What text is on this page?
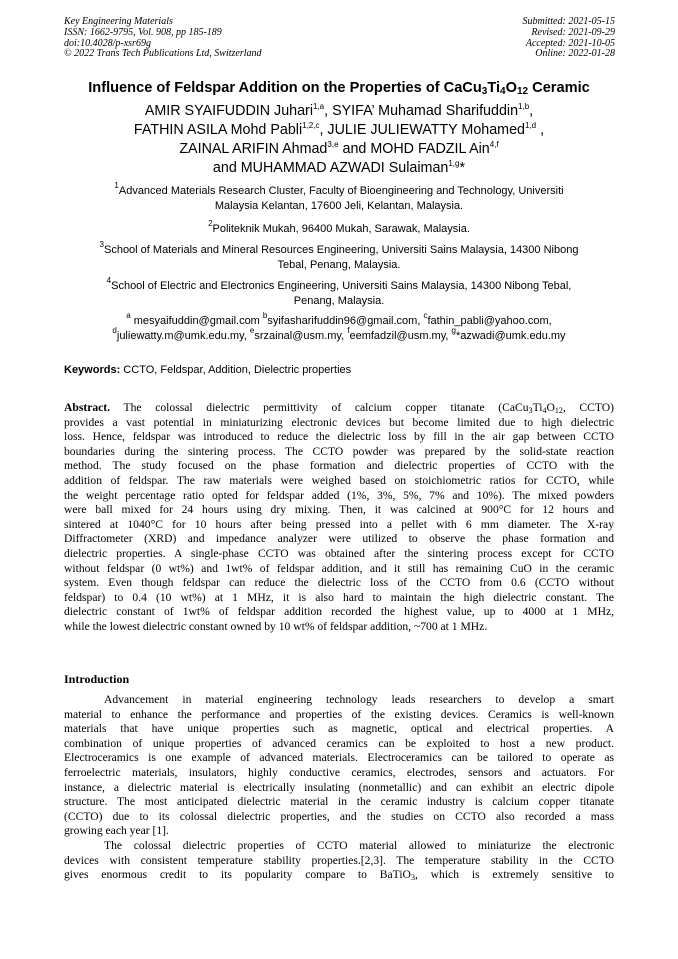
Key Engineering Materials
ISSN: 1662-9795, Vol. 908, pp 185-189
doi:10.4028/p-xsr69g
© 2022 Trans Tech Publications Ltd, Switzerland
Submitted: 2021-05-15
Revised: 2021-09-29
Accepted: 2021-10-05
Online: 2022-01-28
Influence of Feldspar Addition on the Properties of $CaCu_3Ti_4O_{12}$ Ceramic
AMIR SYAIFUDDIN Juhari$^{1,a}$, SYIFA’ Muhamad Sharifuddin$^{1,b}$,
FATHIN ASILA Mohd Pabli$^{1,2,c}$, JULIE JULIEWATTY Mohamed$^{1,d}$ ,
ZAINAL ARIFIN Ahmad$^{3,e}$ and MOHD FADZIL Ain$^{4,f}$
and MUHAMMAD AZWADI Sulaiman$^{1,g}$*
$^1$Advanced Materials Research Cluster, Faculty of Bioengineering and Technology, Universiti
Malaysia Kelantan, 17600 Jeli, Kelantan, Malaysia.
$^2$Politeknik Mukah, 96400 Mukah, Sarawak, Malaysia.
$^3$School of Materials and Mineral Resources Engineering, Universiti Sains Malaysia, 14300 Nibong
Tebal, Penang, Malaysia.
$^4$School of Electric and Electronics Engineering, Universiti Sains Malaysia, 14300 Nibong Tebal,
Penang, Malaysia.
$^a$ mesyaifuddin@gmail.com $^b$syifasharifuddin96@gmail.com, $^c$fathin_pabli@yahoo.com,
$^d$juliewatty.m@umk.edu.my, $^e$srzainal@usm.my, $^f$eemfadzil@usm.my, $^g$*azwadi@umk.edu.my
Keywords: CCTO, Feldspar, Addition, Dielectric properties
Abstract. The colossal dielectric permittivity of calcium copper titanate ($CaCu_3Ti_4O_{12}$, CCTO)
provides a vast potential in miniaturizing electronic devices but become limited due to high dielectric
loss. Hence, feldspar was introduced to reduce the dielectric loss by fill in the air gap between CCTO
boundaries during the sintering process. The CCTO powder was prepared by the solid-state reaction
method. The study focused on the phase formation and dielectric properties of CCTO with the
addition of feldspar. The raw materials were weighed based on stoichiometric ratios for CCTO, while
the weight percentage ratio opted for feldspar added (1%, 3%, 5%, 7% and 10%). The mixed powders
were ball mixed for 24 hours using dry mixing. Then, it was calcined at 900°C for 12 hours and
sintered at 1040°C for 10 hours after being pressed into a pellet with 6 mm diameter. The X-ray
Diffractometer (XRD) and impedance analyzer were utilized to observe the phase formation and
dielectric properties. A single-phase CCTO was obtained after the sintering process except for CCTO
without feldspar (0 wt%) and 1wt% of feldspar addition, and it still has remaining CuO in the ceramic
system. Even though feldspar can reduce the dielectric loss of the CCTO from 0.6 (CCTO without
feldspar) to 0.4 (10 wt%) at 1 MHz, it is also hard to maintain the high dielectric constant. The
dielectric constant of 1wt% of feldspar addition recorded the highest value, up to 4000 at 1 MHz,
while the lowest dielectric constant owned by 10 wt% of feldspar addition, ~700 at 1 MHz.
Introduction
Advancement in material engineering technology leads researchers to develop a smart
material to enhance the performance and properties of the existing devices. Ceramics is well-known
materials that have unique properties such as magnetic, optical and electrical properties. A
combination of unique properties of advanced ceramics can be exploited to host a new product.
Electroceramics is one example of advanced materials. Electroceramics can be tailored to operate as
ferroelectric materials, insulators, highly conductive ceramics, electrodes, sensors and actuators. For
instance, a dielectric material is electrically insulating (nonmetallic) and can exhibit an electric dipole
structure. The most anticipated dielectric material in the ceramic industry is calcium copper titanate
(CCTO) due to its colossal dielectric properties, and the studies on CCTO also recorded a mass
growing each year [1].
The colossal dielectric properties of CCTO material allowed to miniaturize the electronic
devices with consistent temperature stability properties.[2,3]. The temperature stability in the CCTO
gives enormous credit to its popularity compare to BaTiO$_3$, which is extremely sensitive to
